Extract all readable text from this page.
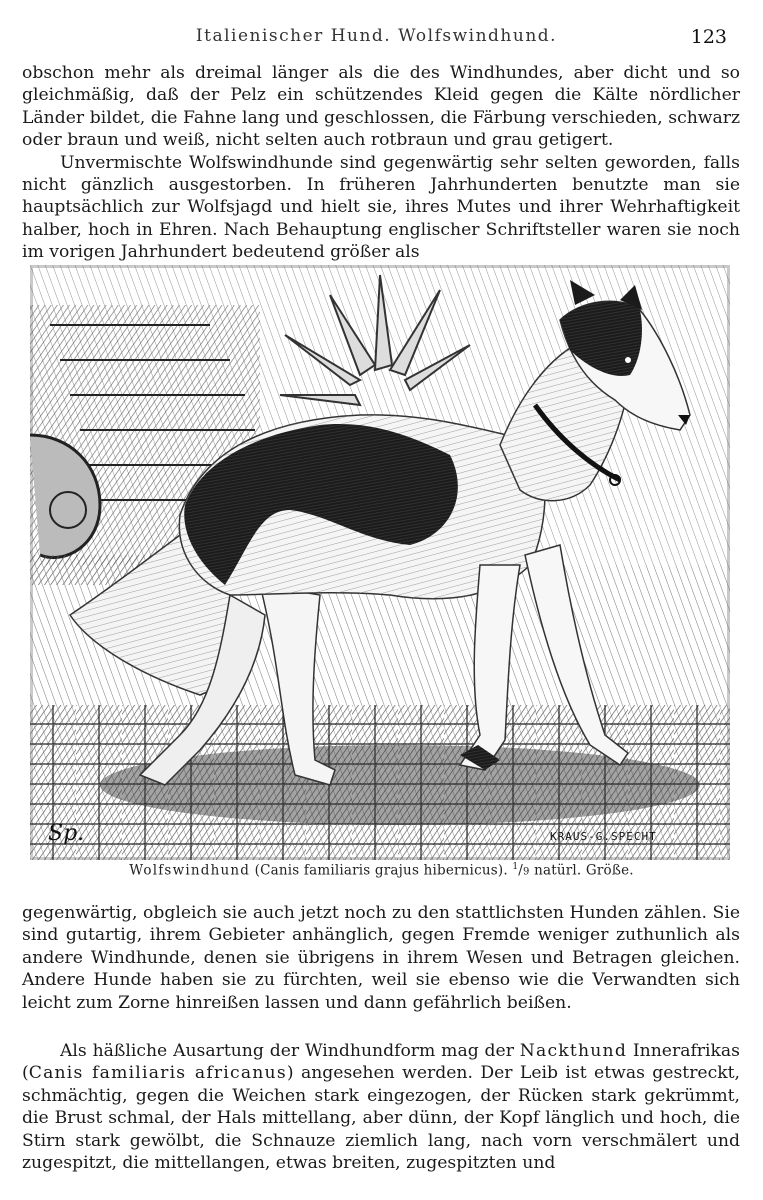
Italienischer Hund. Wolfswindhund.	123

obschon mehr als dreimal länger als die des Windhundes, aber dicht und so gleichmäßig, daß der Pelz ein schützendes Kleid gegen die Kälte nördlicher Länder bildet, die Fahne lang und geschlossen, die Färbung verschieden, schwarz oder braun und weiß, nicht selten auch rotbraun und grau getigert.

Unvermischte Wolfswindhunde sind gegenwärtig sehr selten geworden, falls nicht gänzlich ausgestorben. In früheren Jahrhunderten benutzte man sie hauptsächlich zur Wolfsjagd und hielt sie, ihres Mutes und ihrer Wehrhaftigkeit halber, hoch in Ehren. Nach Behauptung englischer Schriftsteller waren sie noch im vorigen Jahrhundert bedeutend größer als

Sp.	KRAUS-G.SPECHT
Wolfswindhund (Canis familiaris grajus hibernicus). $^1$/9 natürl. Größe.

gegenwärtig, obgleich sie auch jetzt noch zu den stattlichsten Hunden zählen. Sie sind gutartig, ihrem Gebieter anhänglich, gegen Fremde weniger zuthunlich als andere Windhunde, denen sie übrigens in ihrem Wesen und Betragen gleichen. Andere Hunde haben sie zu fürchten, weil sie ebenso wie die Verwandten sich leicht zum Zorne hinreißen lassen und dann gefährlich beißen.

Als häßliche Ausartung der Windhundform mag der Nackthund Innerafrikas (Canis familiaris africanus) angesehen werden. Der Leib ist etwas gestreckt, schmächtig, gegen die Weichen stark eingezogen, der Rücken stark gekrümmt, die Brust schmal, der Hals mittellang, aber dünn, der Kopf länglich und hoch, die Stirn stark gewölbt, die Schnauze ziemlich lang, nach vorn verschmälert und zugespitzt, die mittellangen, etwas breiten, zugespitzten und
